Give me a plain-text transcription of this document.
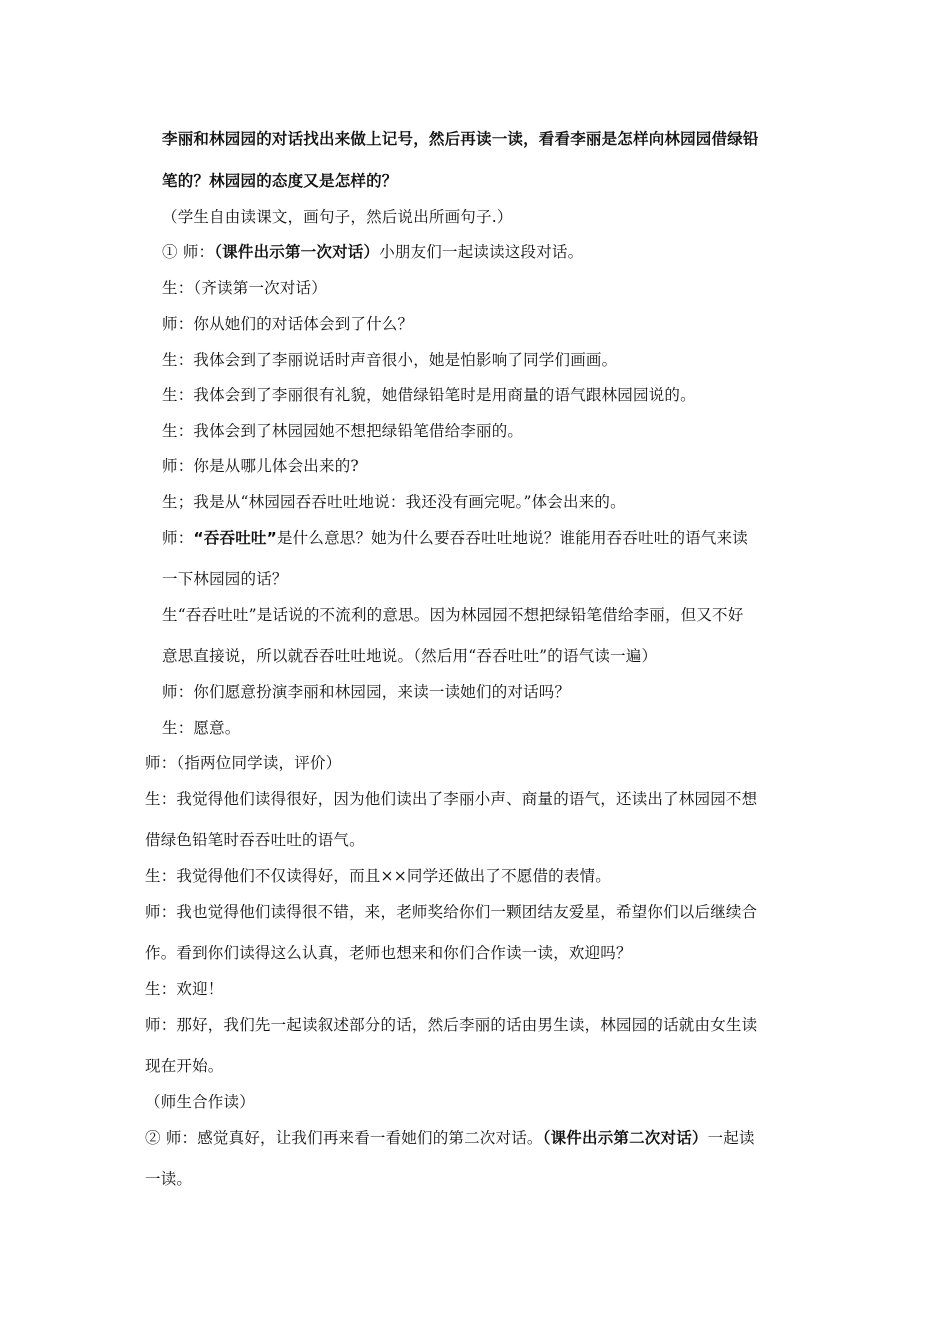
李丽和林园园的对话找出来做上记号，然后再读一读，看看李丽是怎样向林园园借绿铅
笔的？林园园的态度又是怎样的？
（学生自由读课文，画句子，然后说出所画句子.）
① 师：（课件出示第一次对话）小朋友们一起读读这段对话。
生：（齐读第一次对话）
师：你从她们的对话体会到了什么？
生：我体会到了李丽说话时声音很小，她是怕影响了同学们画画。
生：我体会到了李丽很有礼貌，她借绿铅笔时是用商量的语气跟林园园说的。
生：我体会到了林园园她不想把绿铅笔借给李丽的。
师：你是从哪儿体会出来的?
生；我是从“林园园吞吞吐吐地说：我还没有画完呢。”体会出来的。
师：“吞吞吐吐”是什么意思？她为什么要吞吞吐吐地说？谁能用吞吞吐吐的语气来读
一下林园园的话？
生“吞吞吐吐”是话说的不流利的意思。因为林园园不想把绿铅笔借给李丽，但又不好
意思直接说，所以就吞吞吐吐地说。（然后用“吞吞吐吐”的语气读一遍）
师：你们愿意扮演李丽和林园园，来读一读她们的对话吗？
生：愿意。
师：（指两位同学读，评价）
生：我觉得他们读得很好，因为他们读出了李丽小声、商量的语气，还读出了林园园不想
借绿色铅笔时吞吞吐吐的语气。
生：我觉得他们不仅读得好，而且××同学还做出了不愿借的表情。
师：我也觉得他们读得很不错，来，老师奖给你们一颗团结友爱星，希望你们以后继续合
作。看到你们读得这么认真，老师也想来和你们合作读一读，欢迎吗？
生：欢迎！
师：那好，我们先一起读叙述部分的话，然后李丽的话由男生读，林园园的话就由女生读
现在开始。
（师生合作读）
② 师：感觉真好，让我们再来看一看她们的第二次对话。（课件出示第二次对话）一起读
一读。
